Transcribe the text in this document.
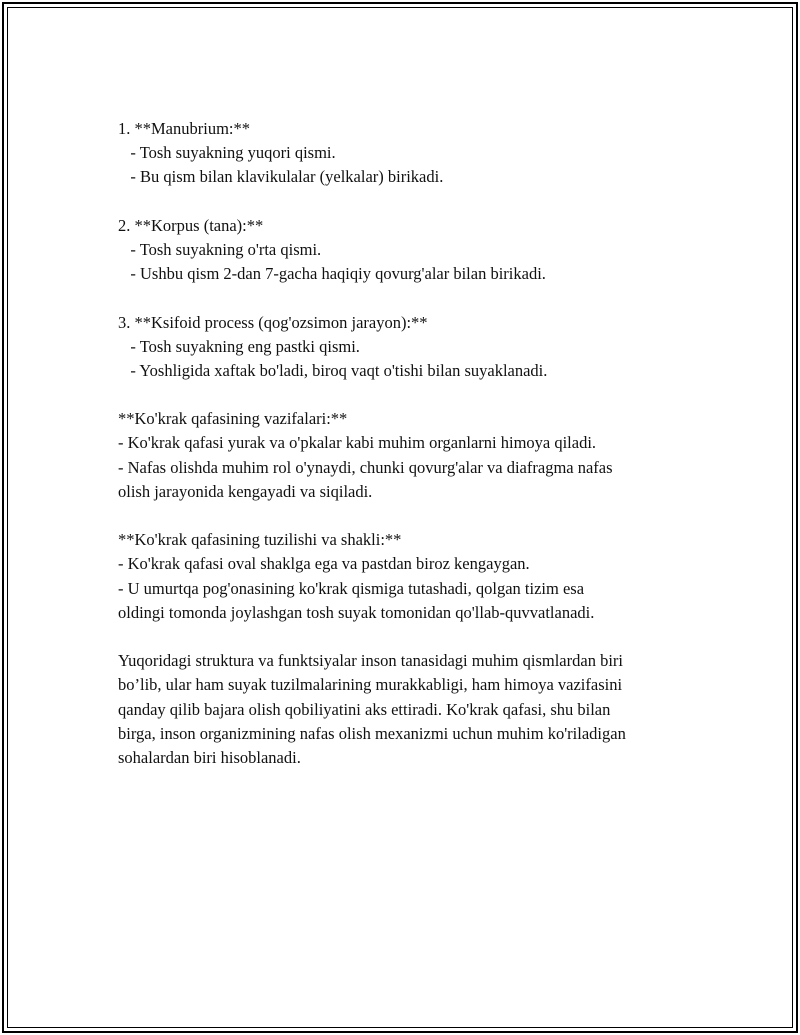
1. **Manubrium:**

- Tosh suyakning yuqori qismi.

- Bu qism bilan klavikulalar (yelkalar) birikadi.

2. **Korpus (tana):**

- Tosh suyakning o'rta qismi.

- Ushbu qism 2-dan 7-gacha haqiqiy qovurg'alar bilan birikadi.

3. **Ksifoid process (qog'ozsimon jarayon):**

- Tosh suyakning eng pastki qismi.

- Yoshligida xaftak bo'ladi, biroq vaqt o'tishi bilan suyaklanadi.

**Ko'krak qafasining vazifalari:**

- Ko'krak qafasi yurak va o'pkalar kabi muhim organlarni himoya qiladi.

- Nafas olishda muhim rol o'ynaydi, chunki qovurg'alar va diafragma nafas

olish jarayonida kengayadi va siqiladi.

**Ko'krak qafasining tuzilishi va shakli:**

- Ko'krak qafasi oval shaklga ega va pastdan biroz kengaygan.

- U umurtqa pog'onasining ko'krak qismiga tutashadi, qolgan tizim esa

oldingi tomonda joylashgan tosh suyak tomonidan qo'llab-quvvatlanadi.

Yuqoridagi struktura va funktsiyalar inson tanasidagi muhim qismlardan biri

bo’lib, ular ham suyak tuzilmalarining murakkabligi, ham himoya vazifasini

qanday qilib bajara olish qobiliyatini aks ettiradi. Ko'krak qafasi, shu bilan

birga, inson organizmining nafas olish mexanizmi uchun muhim ko'riladigan

sohalardan biri hisoblanadi.
